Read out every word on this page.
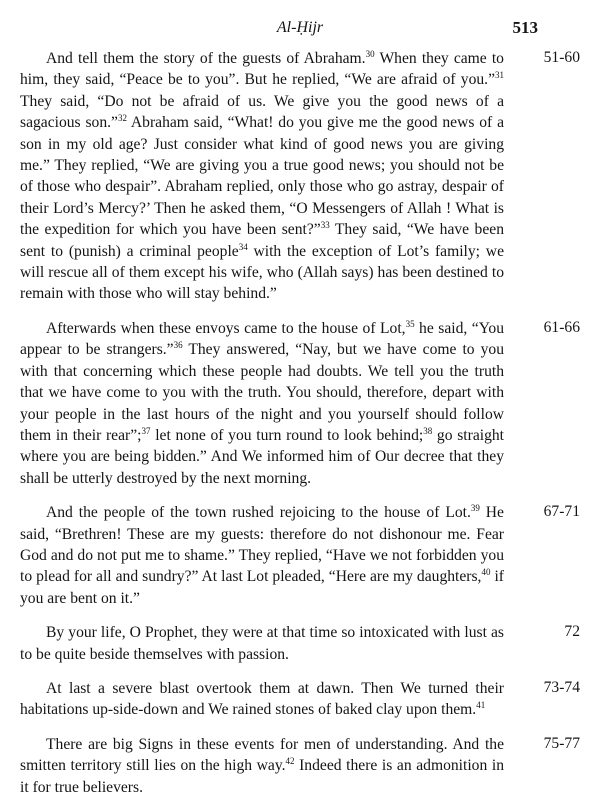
Al-Ḥijr	513

And tell them the story of the guests of Abraham.$^{30}$ When they came to him, they said, “Peace be to you”. But he replied, “We are afraid of you.”$^{31}$ They said, “Do not be afraid of us. We give you the good news of a sagacious son.”$^{32}$ Abraham said, “What! do you give me the good news of a son in my old age? Just consider what kind of good news you are giving me.” They replied, “We are giving you a true good news; you should not be of those who despair”. Abraham replied, only those who go astray, despair of their Lord’s Mercy?’ Then he asked them, “O Messengers of Allah ! What is the expedition for which you have been sent?”$^{33}$ They said, “We have been sent to (punish) a criminal people$^{34}$ with the exception of Lot’s family; we will rescue all of them except his wife, who (Allah says) has been destined to remain with those who will stay behind.”

51-60

Afterwards when these envoys came to the house of Lot,$^{35}$ he said, “You appear to be strangers.”$^{36}$ They answered, “Nay, but we have come to you with that concerning which these people had doubts. We tell you the truth that we have come to you with the truth. You should, therefore, depart with your people in the last hours of the night and you yourself should follow them in their rear”;$^{37}$ let none of you turn round to look behind;$^{38}$ go straight where you are being bidden.” And We informed him of Our decree that they shall be utterly destroyed by the next morning.

61-66

And the people of the town rushed rejoicing to the house of Lot.$^{39}$ He said, “Brethren! These are my guests: therefore do not dishonour me. Fear God and do not put me to shame.” They replied, “Have we not forbidden you to plead for all and sundry?” At last Lot pleaded, “Here are my daughters,$^{40}$ if you are bent on it.”

67-71

By your life, O Prophet, they were at that time so intoxicated with lust as to be quite beside themselves with passion.

72

At last a severe blast overtook them at dawn. Then We turned their habitations up-side-down and We rained stones of baked clay upon them.$^{41}$

73-74

There are big Signs in these events for men of understanding. And the smitten territory still lies on the high way.$^{42}$ Indeed there is an admonition in it for true believers.

75-77
